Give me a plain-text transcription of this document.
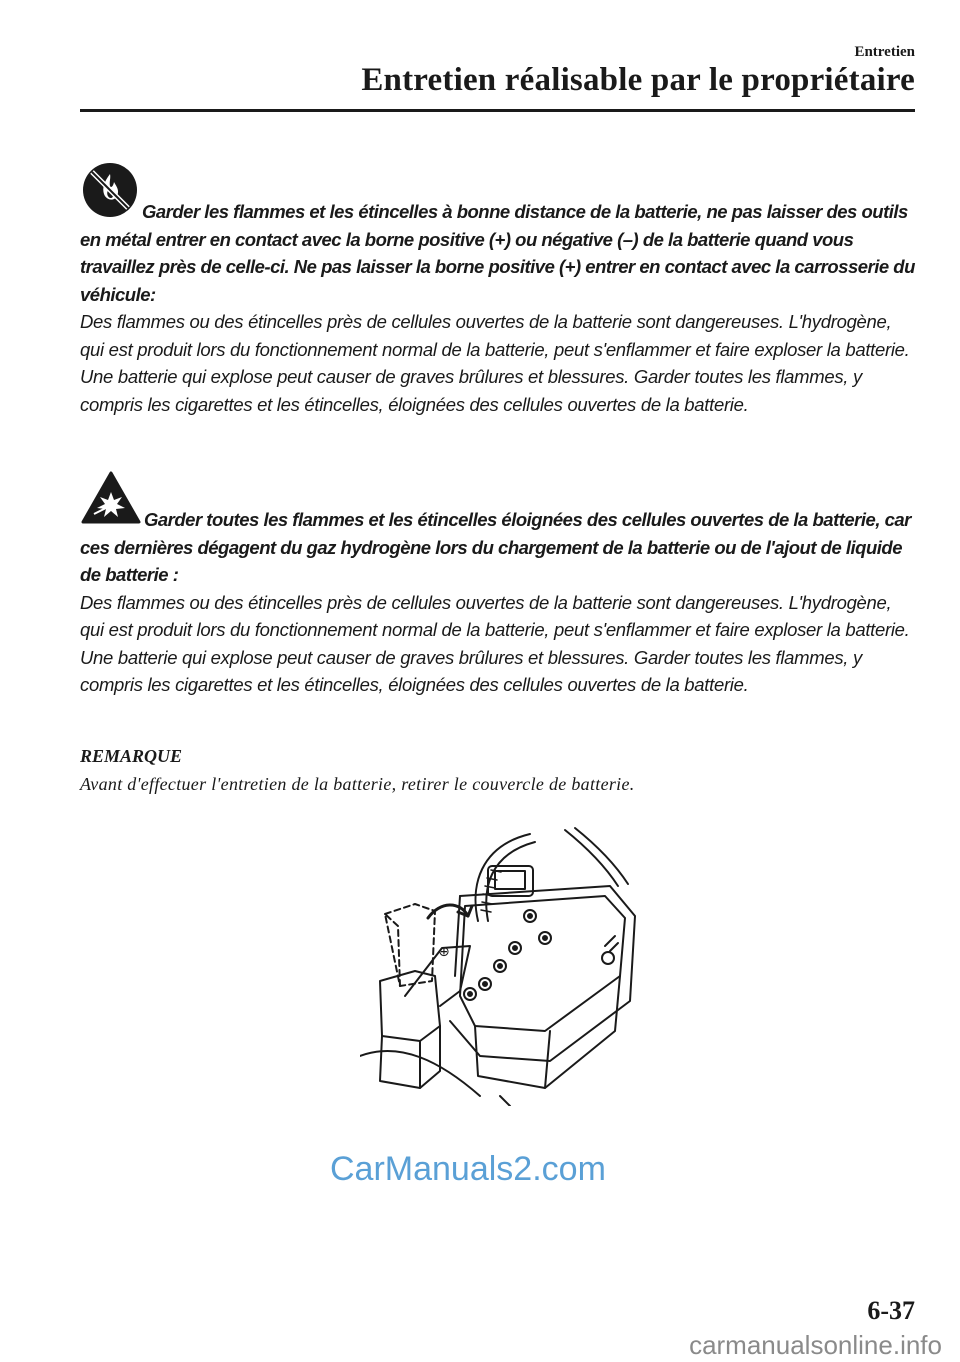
Entretien
Entretien réalisable par le propriétaire
Garder les flammes et les étincelles à bonne distance de la batterie, ne pas laisser des outils en métal entrer en contact avec la borne positive (+) ou négative (–) de la batterie quand vous travaillez près de celle-ci. Ne pas laisser la borne positive (+) entrer en contact avec la carrosserie du véhicule:
Des flammes ou des étincelles près de cellules ouvertes de la batterie sont dangereuses. L'hydrogène, qui est produit lors du fonctionnement normal de la batterie, peut s'enflammer et faire exploser la batterie. Une batterie qui explose peut causer de graves brûlures et blessures. Garder toutes les flammes, y compris les cigarettes et les étincelles, éloignées des cellules ouvertes de la batterie.
Garder toutes les flammes et les étincelles éloignées des cellules ouvertes de la batterie, car ces dernières dégagent du gaz hydrogène lors du chargement de la batterie ou de l'ajout de liquide de batterie :
Des flammes ou des étincelles près de cellules ouvertes de la batterie sont dangereuses. L'hydrogène, qui est produit lors du fonctionnement normal de la batterie, peut s'enflammer et faire exploser la batterie. Une batterie qui explose peut causer de graves brûlures et blessures. Garder toutes les flammes, y compris les cigarettes et les étincelles, éloignées des cellules ouvertes de la batterie.
REMARQUE
Avant d'effectuer l'entretien de la batterie, retirer le couvercle de batterie.
⊕
CarManuals2.com
6-37
carmanualsonline.info
